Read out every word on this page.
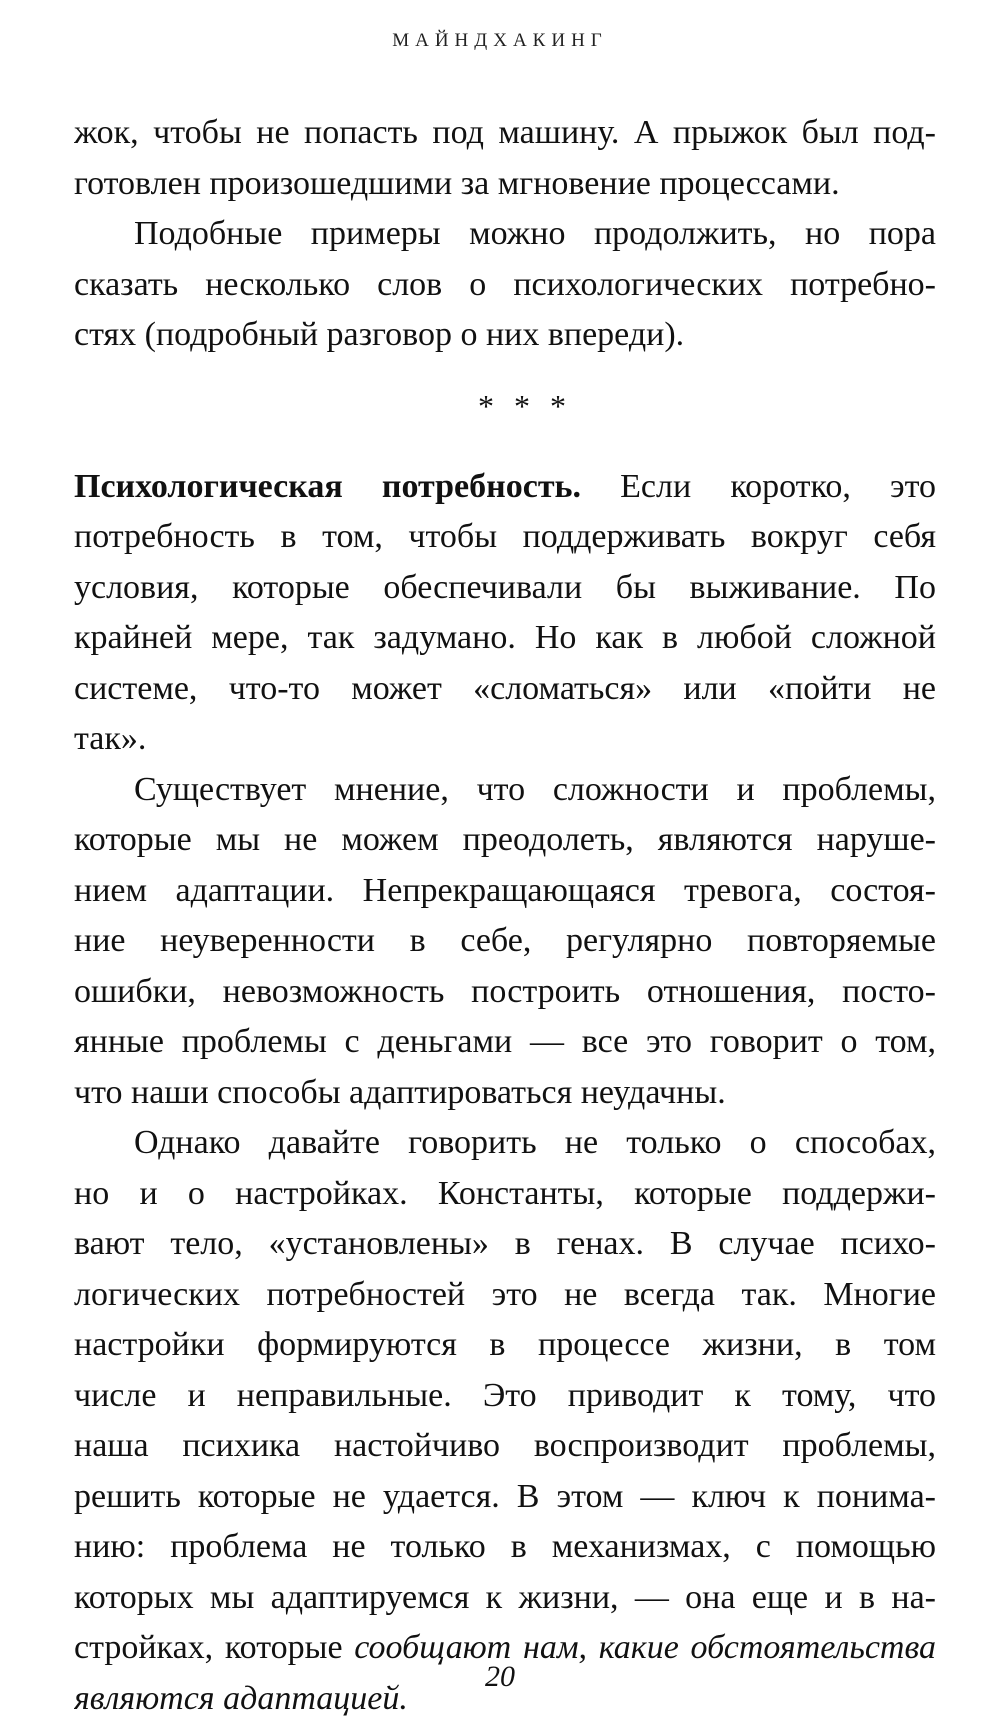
МАЙНДХАКИНГ
жок, чтобы не попасть под машину. А прыжок был под-
готовлен произошедшими за мгновение процессами.
Подобные примеры можно продолжить, но пора
сказать несколько слов о психологических потребно-
стях (подробный разговор о них впереди).
* * *
Психологическая потребность. Если коротко, это
потребность в том, чтобы поддерживать вокруг себя
условия, которые обеспечивали бы выживание. По
крайней мере, так задумано. Но как в любой сложной
системе, что-то может «сломаться» или «пойти не
так».
Существует мнение, что сложности и проблемы,
которые мы не можем преодолеть, являются наруше-
нием адаптации. Непрекращающаяся тревога, состоя-
ние неуверенности в себе, регулярно повторяемые
ошибки, невозможность построить отношения, посто-
янные проблемы с деньгами — все это говорит о том,
что наши способы адаптироваться неудачны.
Однако давайте говорить не только о способах,
но и о настройках. Константы, которые поддержи-
вают тело, «установлены» в генах. В случае психо-
логических потребностей это не всегда так. Многие
настройки формируются в процессе жизни, в том
числе и неправильные. Это приводит к тому, что
наша психика настойчиво воспроизводит проблемы,
решить которые не удается. В этом — ключ к понима-
нию: проблема не только в механизмах, с помощью
которых мы адаптируемся к жизни, — она еще и в на-
стройках, которые сообщают нам, какие обстоятельства
являются адаптацией.
20
